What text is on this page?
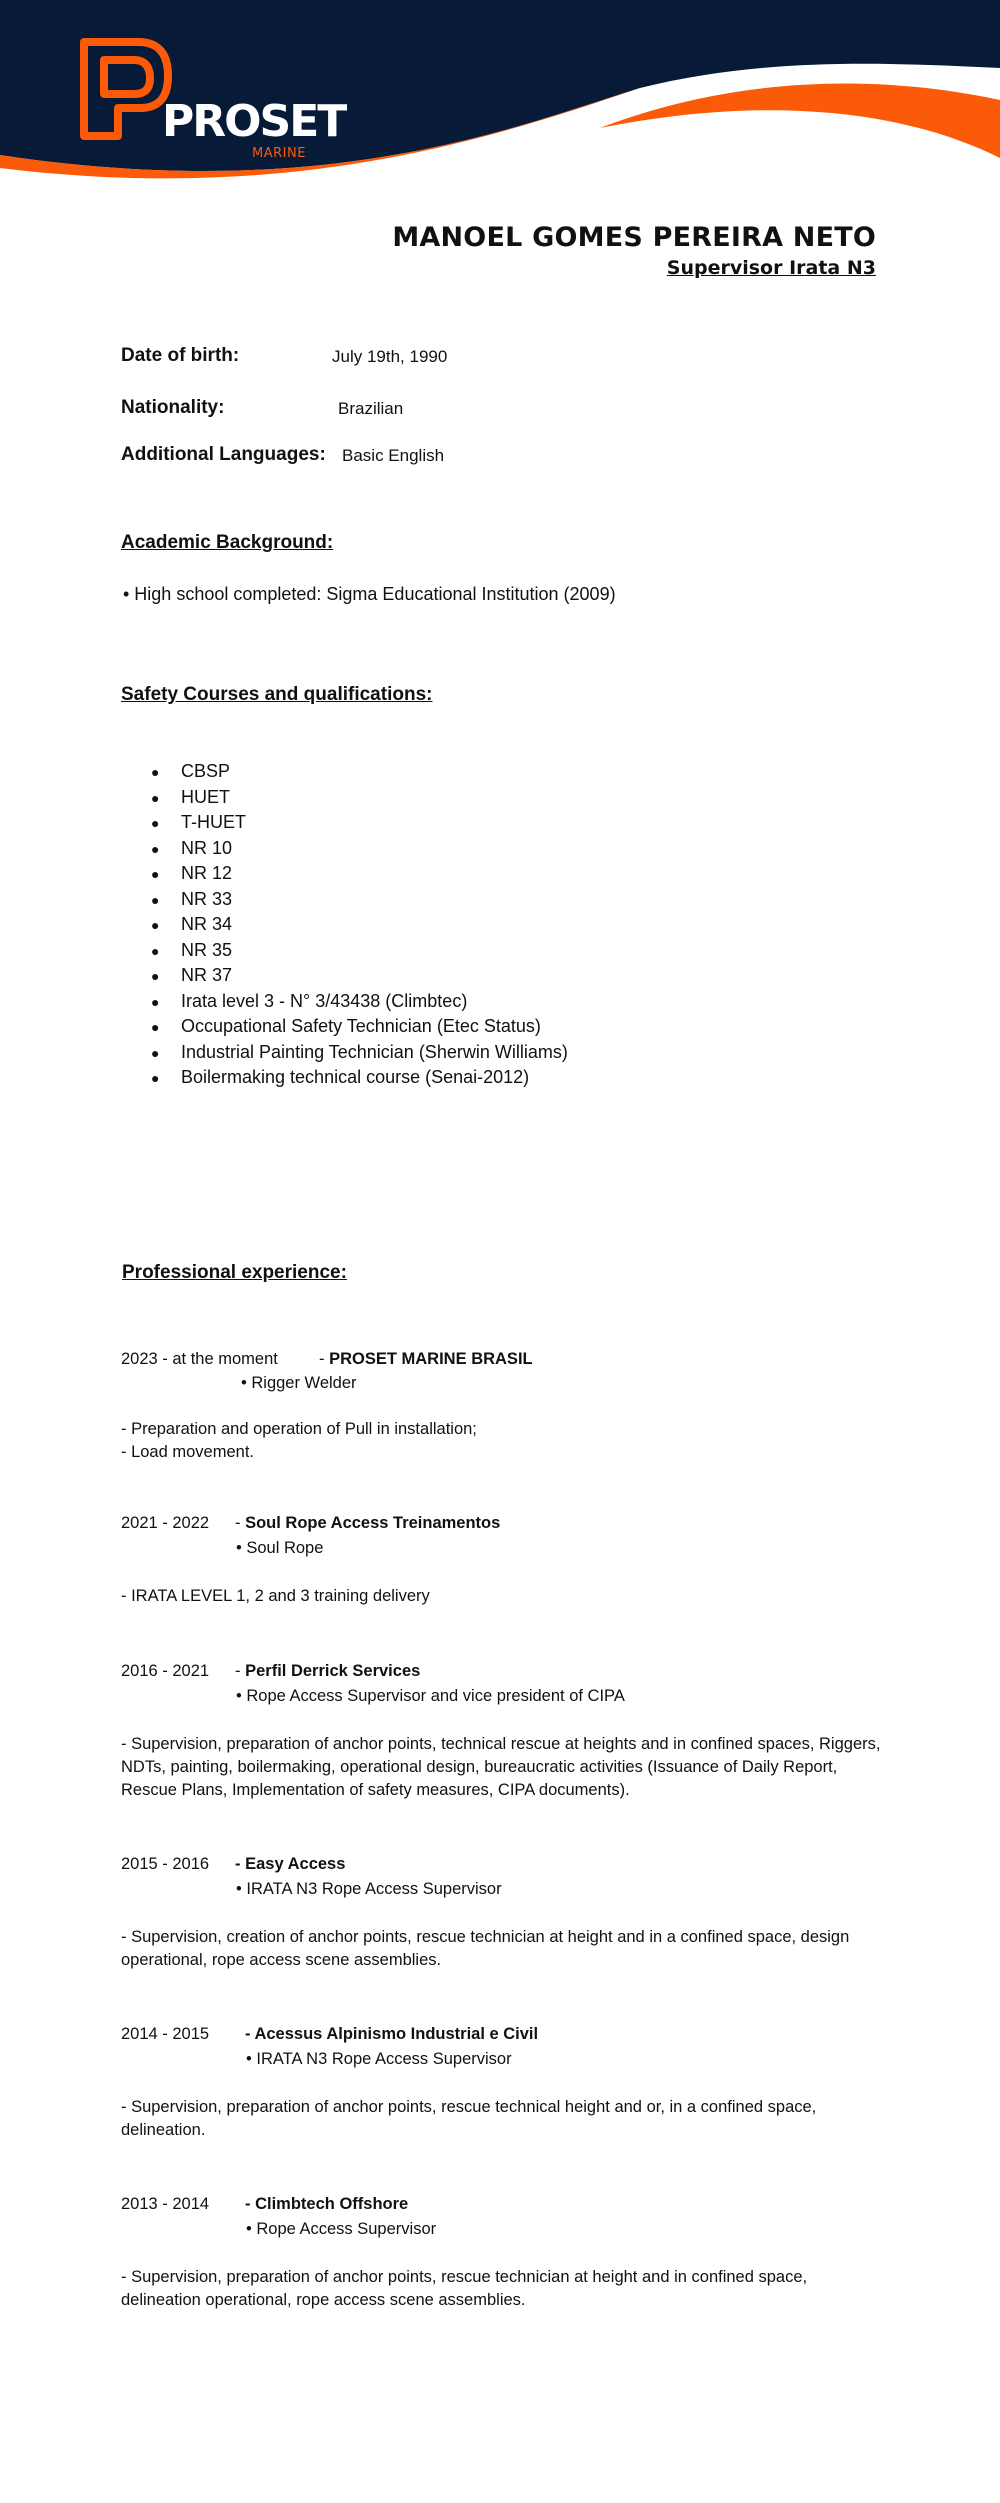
PROSET
MARINE
MANOEL GOMES PEREIRA NETO
Supervisor Irata N3
Date of birth:	July 19th, 1990
Nationality:	Brazilian
Additional Languages: Basic English
Academic Background:
• High school completed: Sigma Educational Institution (2009)
Safety Courses and qualifications:
● CBSP
● HUET
● T-HUET
● NR 10
● NR 12
● NR 33
● NR 34
● NR 35
● NR 37
● Irata level 3 - N° 3/43438 (Climbtec)
● Occupational Safety Technician (Etec Status)
● Industrial Painting Technician (Sherwin Williams)
● Boilermaking technical course (Senai-2012)
Professional experience:
2023 - at the moment - PROSET MARINE BRASIL
• Rigger Welder
- Preparation and operation of Pull in installation;
- Load movement.
2021 - 2022 - Soul Rope Access Treinamentos
• Soul Rope
- IRATA LEVEL 1, 2 and 3 training delivery
2016 - 2021 - Perfil Derrick Services
• Rope Access Supervisor and vice president of CIPA
- Supervision, preparation of anchor points, technical rescue at heights and in confined spaces, Riggers, NDTs, painting, boilermaking, operational design, bureaucratic activities (Issuance of Daily Report, Rescue Plans, Implementation of safety measures, CIPA documents).
2015 - 2016 - Easy Access
• IRATA N3 Rope Access Supervisor
- Supervision, creation of anchor points, rescue technician at height and in a confined space, design operational, rope access scene assemblies.
2014 - 2015 - Acessus Alpinismo Industrial e Civil
• IRATA N3 Rope Access Supervisor
- Supervision, preparation of anchor points, rescue technical height and or, in a confined space, delineation.
2013 - 2014 - Climbtech Offshore
• Rope Access Supervisor
- Supervision, preparation of anchor points, rescue technician at height and in confined space, delineation operational, rope access scene assemblies.
